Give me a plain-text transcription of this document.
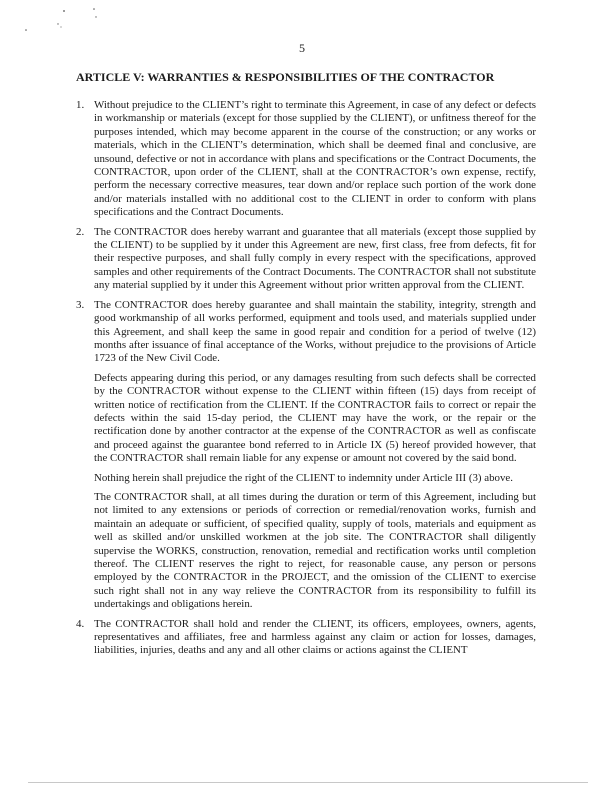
5
ARTICLE V: WARRANTIES & RESPONSIBILITIES OF THE CONTRACTOR
1. Without prejudice to the CLIENT’s right to terminate this Agreement, in case of any defect or defects in workmanship or materials (except for those supplied by the CLIENT), or unfitness thereof for the purposes intended, which may become apparent in the course of the construction; or any works or materials, which in the CLIENT’s determination, which shall be deemed final and conclusive, are unsound, defective or not in accordance with plans and specifications or the Contract Documents, the CONTRACTOR, upon order of the CLIENT, shall at the CONTRACTOR’s own expense, rectify, perform the necessary corrective measures, tear down and/or replace such portion of the work done and/or materials installed with no additional cost to the CLIENT in order to conform with plans specifications and the Contract Documents.

2. The CONTRACTOR does hereby warrant and guarantee that all materials (except those supplied by the CLIENT) to be supplied by it under this Agreement are new, first class, free from defects, fit for their respective purposes, and shall fully comply in every respect with the specifications, approved samples and other requirements of the Contract Documents. The CONTRACTOR shall not substitute any material supplied by it under this Agreement without prior written approval from the CLIENT.

3. The CONTRACTOR does hereby guarantee and shall maintain the stability, integrity, strength and good workmanship of all works performed, equipment and tools used, and materials supplied under this Agreement, and shall keep the same in good repair and condition for a period of twelve (12) months after issuance of final acceptance of the Works, without prejudice to the provisions of Article 1723 of the New Civil Code.

Defects appearing during this period, or any damages resulting from such defects shall be corrected by the CONTRACTOR without expense to the CLIENT within fifteen (15) days from receipt of written notice of rectification from the CLIENT. If the CONTRACTOR fails to correct or repair the defects within the said 15-day period, the CLIENT may have the work, or the repair or the rectification done by another contractor at the expense of the CONTRACTOR as well as confiscate and proceed against the guarantee bond referred to in Article IX (5) hereof provided however, that the CONTRACTOR shall remain liable for any expense or amount not covered by the said bond.

Nothing herein shall prejudice the right of the CLIENT to indemnity under Article III (3) above.

The CONTRACTOR shall, at all times during the duration or term of this Agreement, including but not limited to any extensions or periods of correction or remedial/renovation works, furnish and maintain an adequate or sufficient, of specified quality, supply of tools, materials and equipment as well as skilled and/or unskilled workmen at the job site. The CONTRACTOR shall diligently supervise the WORKS, construction, renovation, remedial and rectification works until completion thereof. The CLIENT reserves the right to reject, for reasonable cause, any person or persons employed by the CONTRACTOR in the PROJECT, and the omission of the CLIENT to exercise such right shall not in any way relieve the CONTRACTOR from its responsibility to fulfill its undertakings and obligations herein.

4. The CONTRACTOR shall hold and render the CLIENT, its officers, employees, owners, agents, representatives and affiliates, free and harmless against any claim or action for losses, damages, liabilities, injuries, deaths and any and all other claims or actions against the CLIENT
